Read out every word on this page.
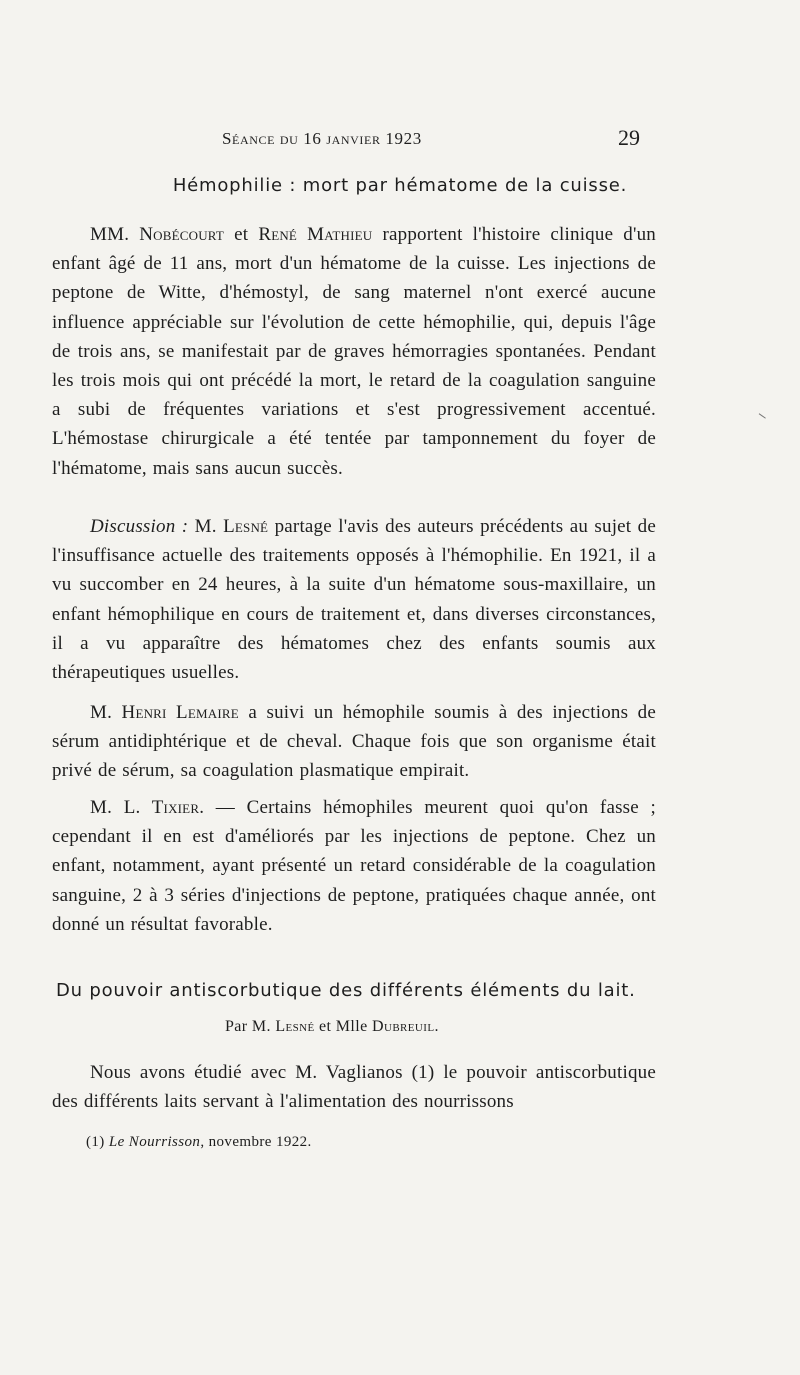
Séance du 16 janvier 1923	29
Hémophilie : mort par hématome de la cuisse.

MM. Nobécourt et René Mathieu rapportent l'histoire clinique d'un enfant âgé de 11 ans, mort d'un hématome de la cuisse. Les injections de peptone de Witte, d'hémostyl, de sang maternel n'ont exercé aucune influence appréciable sur l'évolution de cette hémophilie, qui, depuis l'âge de trois ans, se manifestait par de graves hémorragies spontanées. Pendant les trois mois qui ont précédé la mort, le retard de la coagulation sanguine a subi de fréquentes variations et s'est progressivement accentué. L'hémostase chirurgicale a été tentée par tamponnement du foyer de l'hématome, mais sans aucun succès.

Discussion : M. Lesné partage l'avis des auteurs précédents au sujet de l'insuffisance actuelle des traitements opposés à l'hémophilie. En 1921, il a vu succomber en 24 heures, à la suite d'un hématome sous-maxillaire, un enfant hémophilique en cours de traitement et, dans diverses circonstances, il a vu apparaître des hématomes chez des enfants soumis aux thérapeutiques usuelles.

M. Henri Lemaire a suivi un hémophile soumis à des injections de sérum antidiphtérique et de cheval. Chaque fois que son organisme était privé de sérum, sa coagulation plasmatique empirait.

M. L. Tixier. — Certains hémophiles meurent quoi qu'on fasse ; cependant il en est d'améliorés par les injections de peptone. Chez un enfant, notamment, ayant présenté un retard considérable de la coagulation sanguine, 2 à 3 séries d'injections de peptone, pratiquées chaque année, ont donné un résultat favorable.

Du pouvoir antiscorbutique des différents éléments du lait.
Par M. Lesné et Mlle Dubreuil.

Nous avons étudié avec M. Vaglianos (1) le pouvoir antiscorbutique des différents laits servant à l'alimentation des nourrissons

(1) Le Nourrisson, novembre 1922.
